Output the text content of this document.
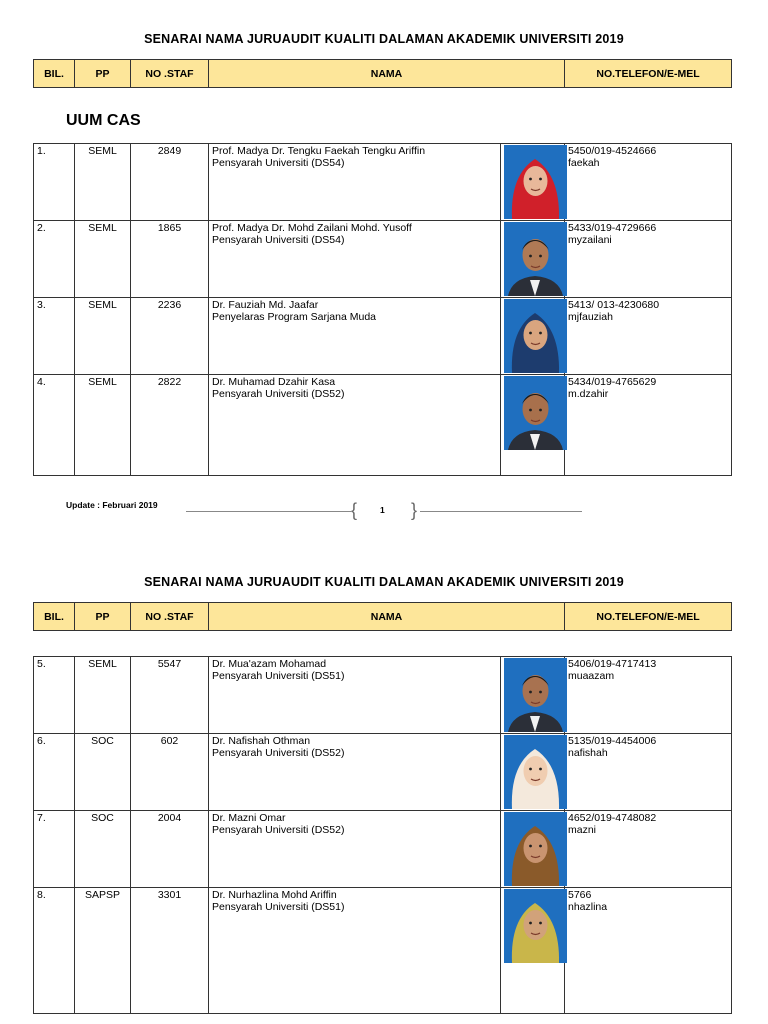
SENARAI NAMA JURUAUDIT KUALITI DALAMAN AKADEMIK UNIVERSITI 2019
BIL.	PP	NO .STAF	NAMA	NO.TELEFON/E-MEL
UUM CAS
1.	SEML	2849	Prof. Madya Dr. Tengku Faekah Tengku Ariffin
Pensyarah Universiti (DS54)		5450/019-4524666
faekah

2.	SEML	1865	Prof. Madya Dr. Mohd Zailani Mohd. Yusoff
Pensyarah Universiti (DS54)		5433/019-4729666
myzailani

3.	SEML	2236	Dr. Fauziah Md. Jaafar
Penyelaras Program Sarjana Muda		5413/ 013-4230680
mjfauziah

4.	SEML	2822	Dr. Muhamad Dzahir Kasa
Pensyarah Universiti (DS52)		5434/019-4765629
m.dzahir
Update : Februari 2019	{	1 }
SENARAI NAMA JURUAUDIT KUALITI DALAMAN AKADEMIK UNIVERSITI 2019
BIL.	PP	NO .STAF	NAMA	NO.TELEFON/E-MEL
5.	SEML	5547	Dr. Mua'azam Mohamad
Pensyarah Universiti (DS51)		5406/019-4717413
muaazam

6.	SOC	602	Dr. Nafishah Othman
Pensyarah Universiti (DS52)		5135/019-4454006
nafishah

7.	SOC	2004	Dr. Mazni Omar
Pensyarah Universiti (DS52)		4652/019-4748082
mazni

8.	SAPSP	3301	Dr. Nurhazlina Mohd Ariffin
Pensyarah Universiti (DS51)		5766
nhazlina
